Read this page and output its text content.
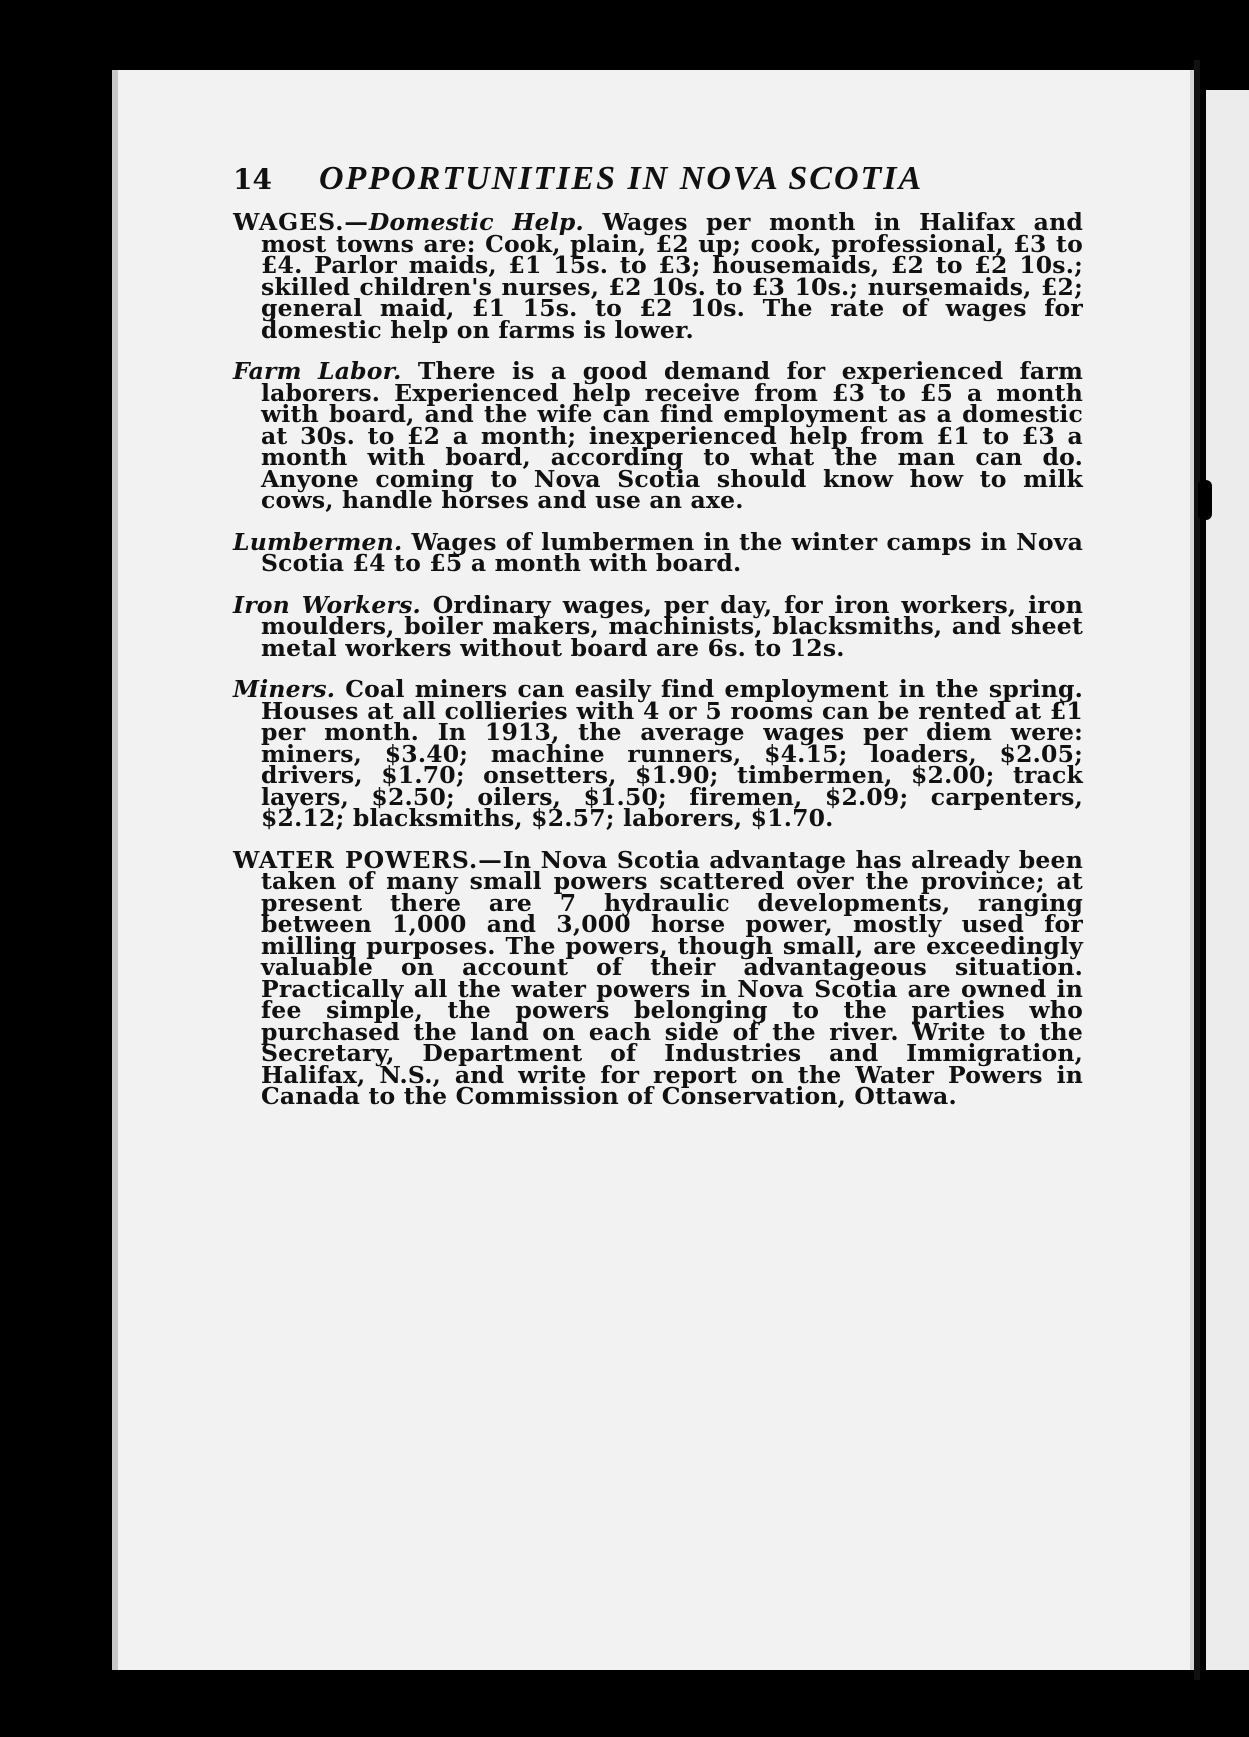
14	OPPORTUNITIES IN NOVA SCOTIA

WAGES.—Domestic Help. Wages per month in Halifax and most towns are: Cook, plain, £2 up; cook, professional, £3 to £4. Parlor maids, £1 15s. to £3; housemaids, £2 to £2 10s.; skilled children's nurses, £2 10s. to £3 10s.; nursemaids, £2; general maid, £1 15s. to £2 10s. The rate of wages for domestic help on farms is lower.

Farm Labor. There is a good demand for experienced farm laborers. Experienced help receive from £3 to £5 a month with board, and the wife can find employment as a domestic at 30s. to £2 a month; inexperienced help from £1 to £3 a month with board, according to what the man can do. Anyone coming to Nova Scotia should know how to milk cows, handle horses and use an axe.

Lumbermen. Wages of lumbermen in the winter camps in Nova Scotia £4 to £5 a month with board.

Iron Workers. Ordinary wages, per day, for iron workers, iron moulders, boiler makers, machinists, blacksmiths, and sheet metal workers without board are 6s. to 12s.

Miners. Coal miners can easily find employment in the spring. Houses at all collieries with 4 or 5 rooms can be rented at £1 per month. In 1913, the average wages per diem were: miners, $3.40; machine runners, $4.15; loaders, $2.05; drivers, $1.70; onsetters, $1.90; timbermen, $2.00; track layers, $2.50; oilers, $1.50; firemen, $2.09; carpenters, $2.12; blacksmiths, $2.57; laborers, $1.70.

WATER POWERS.—In Nova Scotia advantage has already been taken of many small powers scattered over the province; at present there are 7 hydraulic developments, ranging between 1,000 and 3,000 horse power, mostly used for milling purposes. The powers, though small, are exceedingly valuable on account of their advantageous situation. Practically all the water powers in Nova Scotia are owned in fee simple, the powers belonging to the parties who purchased the land on each side of the river. Write to the Secretary, Department of Industries and Immigration, Halifax, N.S., and write for report on the Water Powers in Canada to the Commission of Conservation, Ottawa.
